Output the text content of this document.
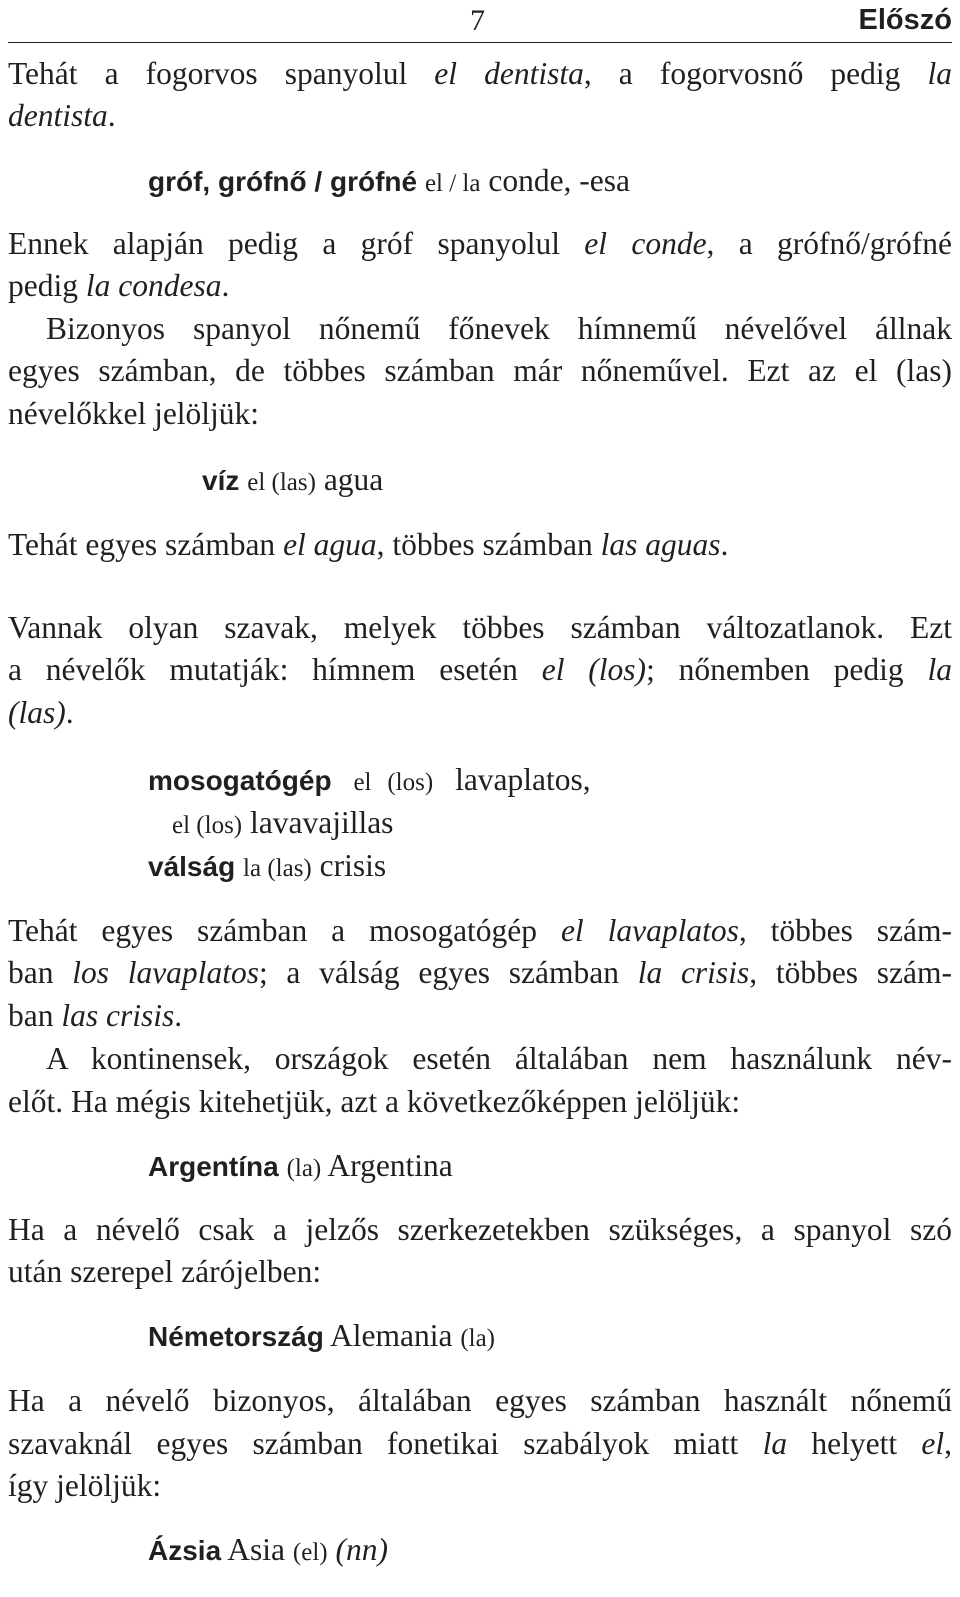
7	Előszó
Tehát a fogorvos spanyolul el dentista, a fogorvosnő pedig la
dentista.
gróf, grófnő / grófné el / la conde, -esa
Ennek alapján pedig a gróf spanyolul el conde, a grófnő/grófné
pedig la condesa.
Bizonyos spanyol nőnemű főnevek hímnemű névelővel állnak
egyes számban, de többes számban már nőneművel. Ezt az el (las)
névelőkkel jelöljük:
víz el (las) agua
Tehát egyes számban el agua, többes számban las aguas.
Vannak olyan szavak, melyek többes számban változatlanok. Ezt
a névelők mutatják: hímnem esetén el (los); nőnemben pedig la
(las).
mosogatógép el (los) lavaplatos,
el (los) lavavajillas
válság la (las) crisis
Tehát egyes számban a mosogatógép el lavaplatos, többes szám-
ban los lavaplatos; a válság egyes számban la crisis, többes szám-
ban las crisis.
A kontinensek, országok esetén általában nem használunk név-
előt. Ha mégis kitehetjük, azt a következőképpen jelöljük:
Argentína (la) Argentina
Ha a névelő csak a jelzős szerkezetekben szükséges, a spanyol szó
után szerepel zárójelben:
Németország Alemania (la)
Ha a névelő bizonyos, általában egyes számban használt nőnemű
szavaknál egyes számban fonetikai szabályok miatt la helyett el,
így jelöljük:
Ázsia Asia (el) (nn)
